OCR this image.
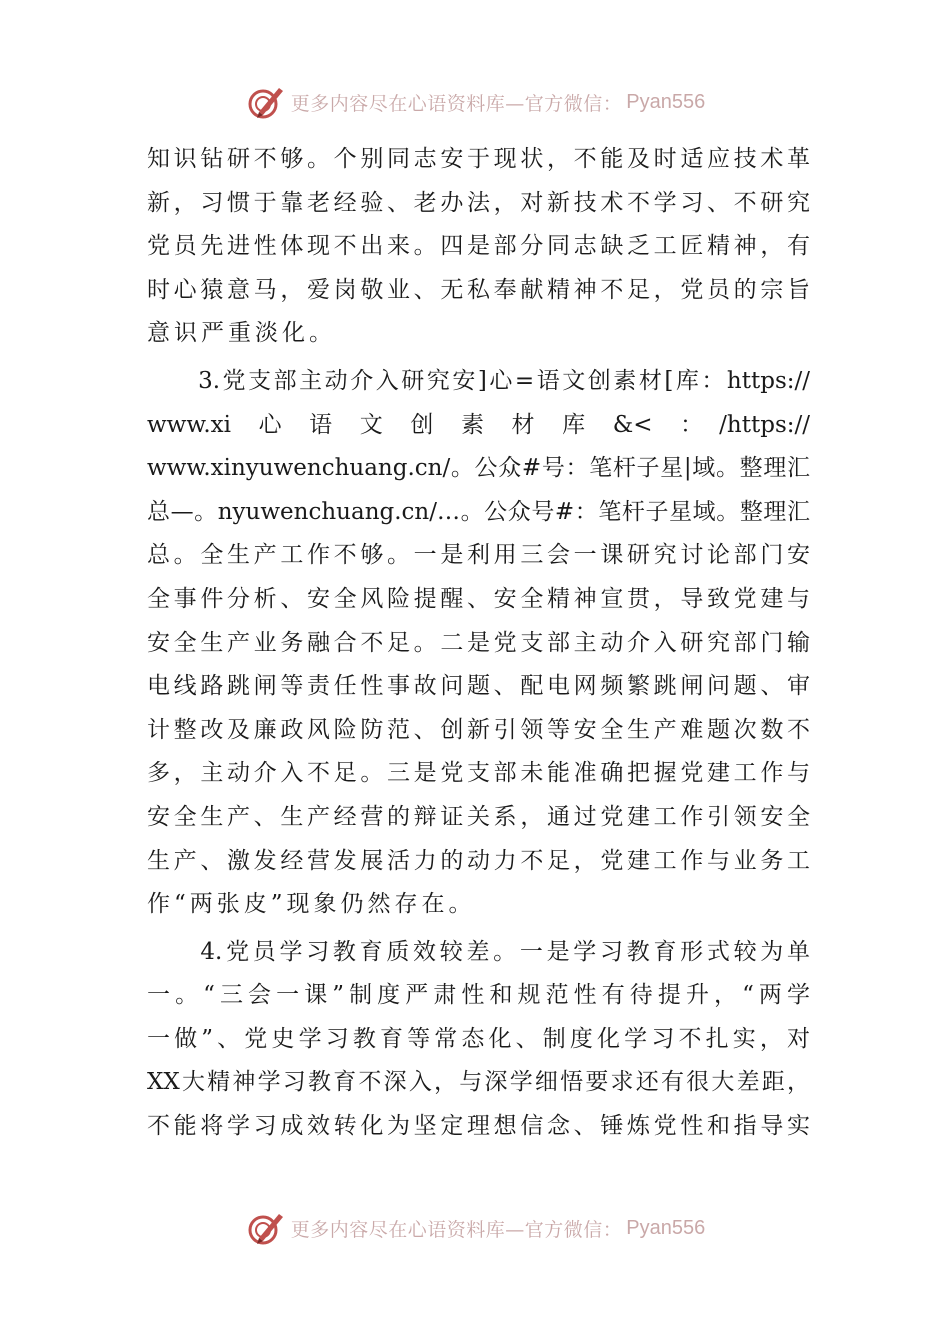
更多内容尽在心语资料库—官方微信： Pyan556
知识钻研不够。个别同志安于现状，不能及时适应技术革
新，习惯于靠老经验、老办法，对新技术不学习、不研究
党员先进性体现不出来。四是部分同志缺乏工匠精神，有
时心猿意马，爱岗敬业、无私奉献精神不足，党员的宗旨
意识严重淡化。
　　3.党支部主动介入研究安]心=语文创素材[库：https://
www.xi　心　语　文　创　素　材　库　&<　：　/https://
www.xinyuwenchuang.cn/。公众#号：笔杆子星|域。整理汇
总—。nyuwenchuang.cn/…。公众号#：笔杆子星域。整理汇
总。全生产工作不够。一是利用三会一课研究讨论部门安
全事件分析、安全风险提醒、安全精神宣贯，导致党建与
安全生产业务融合不足。二是党支部主动介入研究部门输
电线路跳闸等责任性事故问题、配电网频繁跳闸问题、审
计整改及廉政风险防范、创新引领等安全生产难题次数不
多，主动介入不足。三是党支部未能准确把握党建工作与
安全生产、生产经营的辩证关系，通过党建工作引领安全
生产、激发经营发展活力的动力不足，党建工作与业务工
作“两张皮”现象仍然存在。
　　4.党员学习教育质效较差。一是学习教育形式较为单
一。“三会一课”制度严肃性和规范性有待提升，“两学
一做”、党史学习教育等常态化、制度化学习不扎实，对
XX大精神学习教育不深入，与深学细悟要求还有很大差距，
不能将学习成效转化为坚定理想信念、锤炼党性和指导实
更多内容尽在心语资料库—官方微信： Pyan556
